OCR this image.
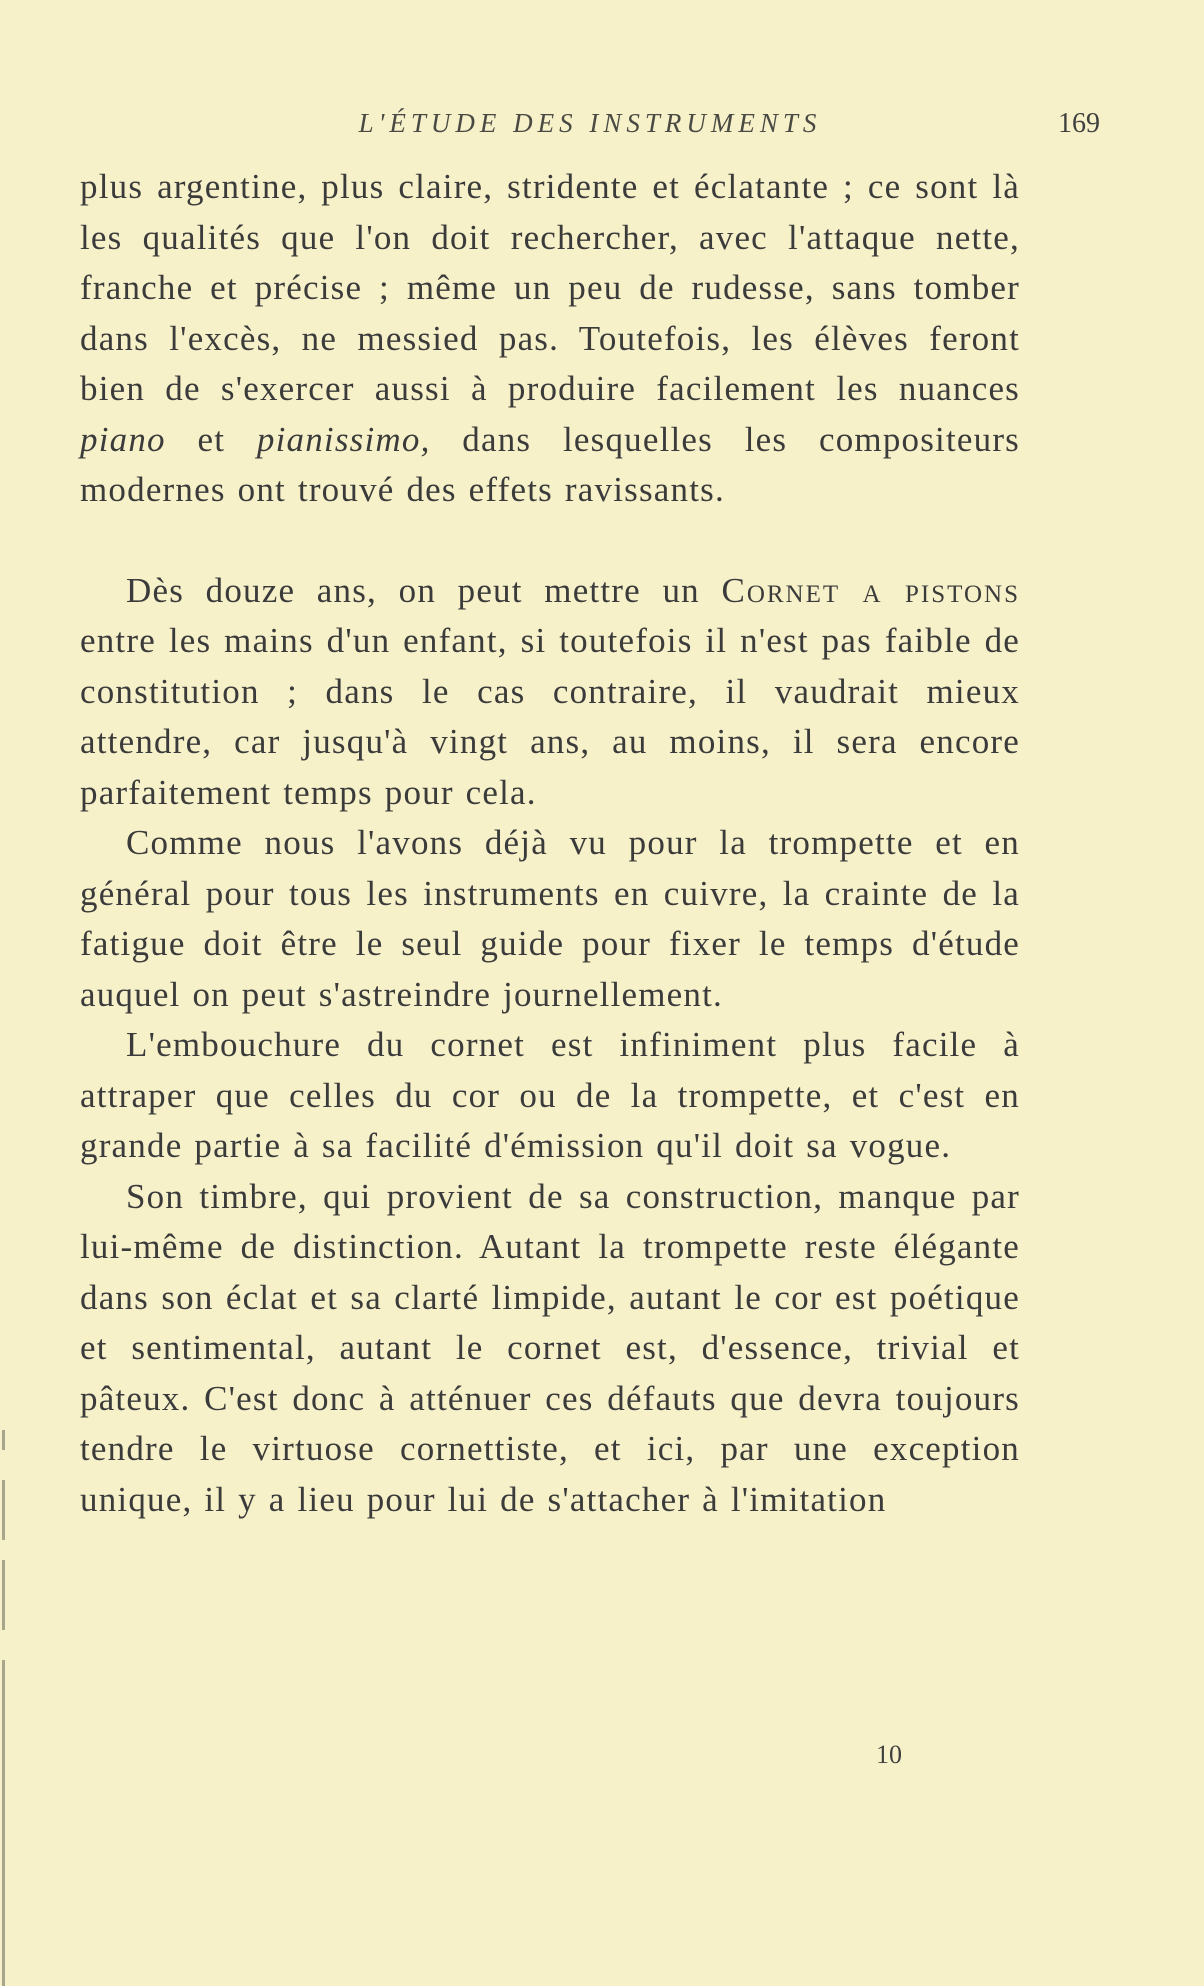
L'ÉTUDE DES INSTRUMENTS	169

plus argentine, plus claire, stridente et éclatante ; ce sont là les qualités que l'on doit rechercher, avec l'attaque nette, franche et précise ; même un peu de rudesse, sans tomber dans l'excès, ne messied pas. Toutefois, les élèves feront bien de s'exercer aussi à produire facilement les nuances piano et pianissimo, dans lesquelles les compositeurs modernes ont trouvé des effets ravissants.

Dès douze ans, on peut mettre un Cornet a pistons entre les mains d'un enfant, si toutefois il n'est pas faible de constitution ; dans le cas contraire, il vaudrait mieux attendre, car jusqu'à vingt ans, au moins, il sera encore parfaitement temps pour cela.

Comme nous l'avons déjà vu pour la trompette et en général pour tous les instruments en cuivre, la crainte de la fatigue doit être le seul guide pour fixer le temps d'étude auquel on peut s'astreindre journellement.

L'embouchure du cornet est infiniment plus facile à attraper que celles du cor ou de la trompette, et c'est en grande partie à sa facilité d'émission qu'il doit sa vogue.

Son timbre, qui provient de sa construction, manque par lui-même de distinction. Autant la trompette reste élégante dans son éclat et sa clarté limpide, autant le cor est poétique et sentimental, autant le cornet est, d'essence, trivial et pâteux. C'est donc à atténuer ces défauts que devra toujours tendre le virtuose cornettiste, et ici, par une exception unique, il y a lieu pour lui de s'attacher à l'imitation

10
